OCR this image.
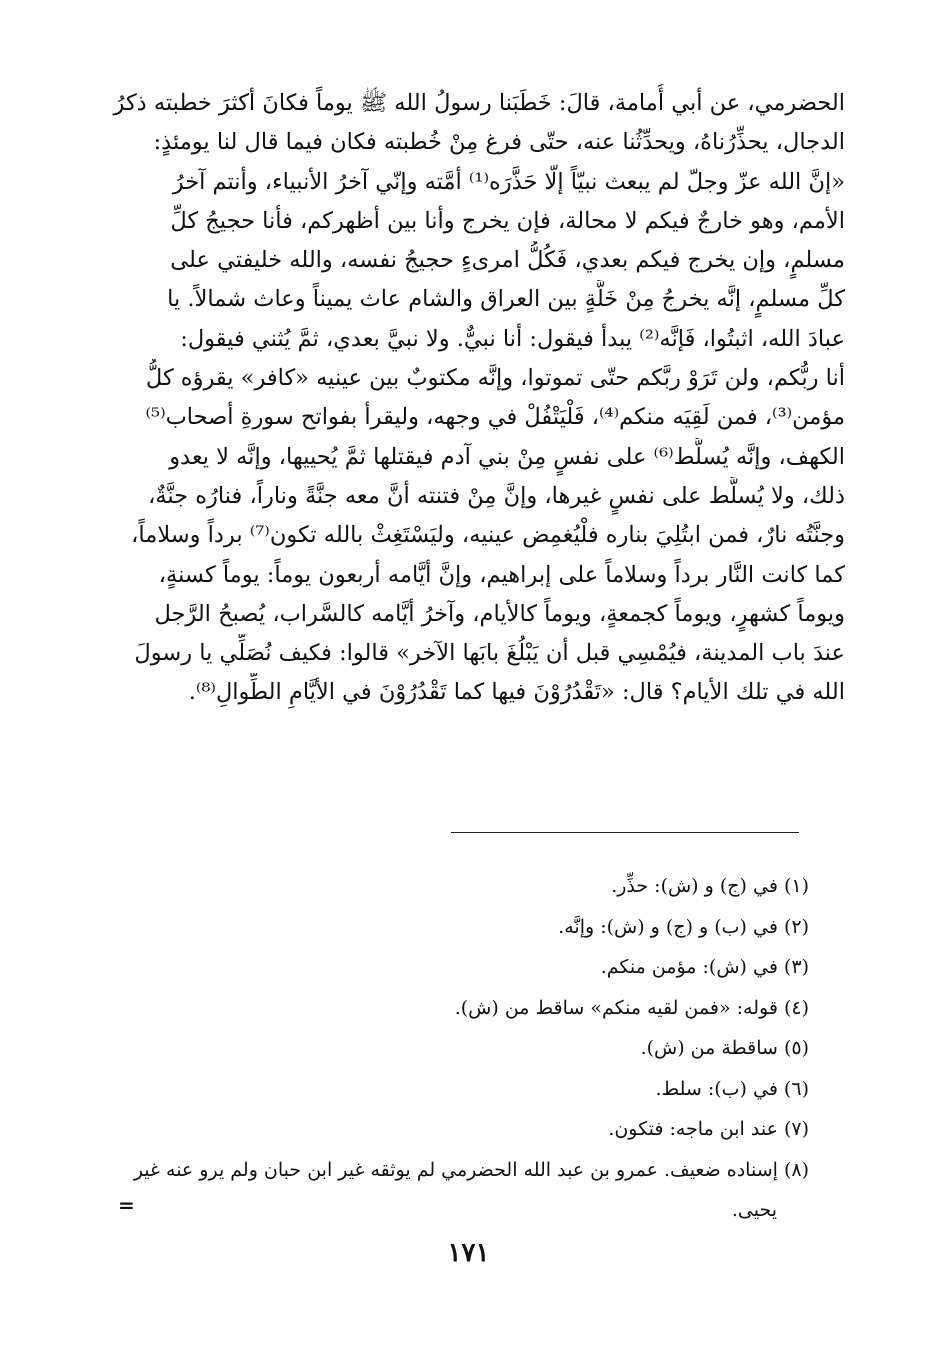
الحضرمي، عن أبي أُمامة، قالَ: خَطَبَنا رسولُ الله ﷺ يوماً فكانَ أكثرَ خطبته ذكرُ
الدجال، يحذِّرُناهُ، ويحدِّثُنا عنه، حتّى فرغ مِنْ خُطبته فكان فيما قال لنا يومئذٍ:
«إنَّ الله عزّ وجلّ لم يبعث نبيّاً إلّا حَذَّرَه⁽¹⁾ أمَّته وإنّي آخرُ الأنبياء، وأنتم آخرُ
الأمم، وهو خارجٌ فيكم لا محالة، فإن يخرج وأنا بين أظهركم، فأنا حجيجُ كلِّ
مسلمٍ، وإن يخرج فيكم بعدي، فَكُلُّ امرىءٍ حجيجُ نفسه، والله خليفتي على
كلِّ مسلمٍ، إنَّه يخرجُ مِنْ خَلَّةٍ بين العراق والشام عاث يميناً وعاث شمالاً. يا
عبادَ الله، اثبتُوا، فَإنَّه⁽²⁾ يبدأ فيقول: أنا نبيٌّ. ولا نبيَّ بعدي، ثمَّ يُثني فيقول:
أنا ربُّكم، ولن تَرَوْ ربَّكم حتّى تموتوا، وإنَّه مكتوبٌ بين عينيه «كافر» يقرؤه كلُّ
مؤمن⁽³⁾، فمن لَقِيَه منكم⁽⁴⁾، فَلْيَتْفُلْ في وجهه، وليقرأ بفواتح سورةِ أصحاب⁽⁵⁾
الكهف، وإنَّه يُسلَّط⁽⁶⁾ على نفسٍ مِنْ بني آدم فيقتلها ثمَّ يُحييها، وإنَّه لا يعدو
ذلك، ولا يُسلَّط على نفسٍ غيرها، وإنَّ مِنْ فتنته أنَّ معه جنَّةً وناراً، فنارُه جنَّةٌ،
وجنَّتُه نارٌ، فمن ابتُلِيَ بناره فلْيُغمِض عينيه، وليَسْتَغِثْ بالله تكون⁽⁷⁾ برداً وسلاماً،
كما كانت النَّار برداً وسلاماً على إبراهيم، وإنَّ أيَّامه أربعون يوماً: يوماً كسنةٍ،
ويوماً كشهرٍ، ويوماً كجمعةٍ، ويوماً كالأيام، وآخرُ أيَّامه كالسَّراب، يُصبحُ الرَّجل
عندَ باب المدينة، فيُمْسِي قبل أن يَبْلُغَ بابَها الآخر» قالوا: فكيف نُصَلِّي يا رسولَ
الله في تلك الأيام؟ قال: «تَقْدُرُوْنَ فيها كما تَقْدُرُوْنَ في الأيَّامِ الطِّوالِ⁽⁸⁾.
(١) في (ج) و (ش): حذِّر.
(٢) في (ب) و (ج) و (ش): وإنَّه.
(٣) في (ش): مؤمن منكم.
(٤) قوله: «فمن لقيه منكم» ساقط من (ش).
(٥) ساقطة من (ش).
(٦) في (ب): سلط.
(٧) عند ابن ماجه: فتكون.
(٨) إسناده ضعيف. عمرو بن عبد الله الحضرمي لم يوثقه غير ابن حبان ولم يرو عنه غير
يحيى.
=
١٧١
